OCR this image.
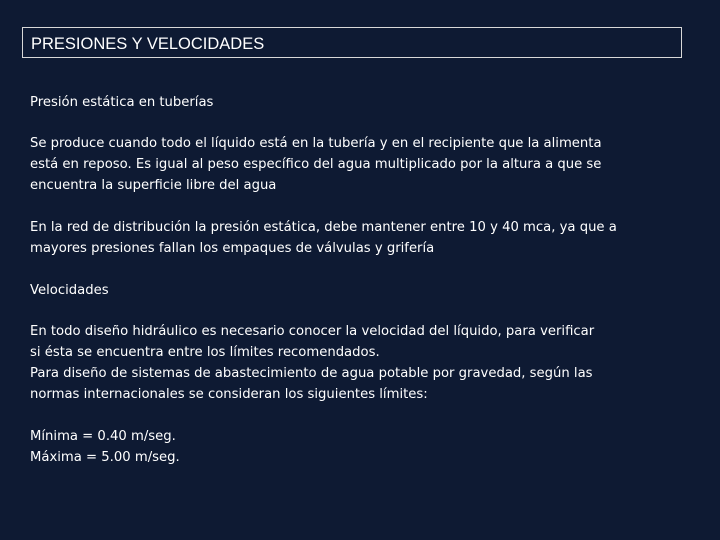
PRESIONES Y VELOCIDADES

Presión estática en tuberías

Se produce cuando todo el líquido está en la tubería y en el recipiente que la alimenta
está en reposo. Es igual al peso específico del agua multiplicado por la altura a que se
encuentra la superficie libre del agua

En la red de distribución la presión estática, debe mantener entre 10 y 40 mca, ya que a
mayores presiones fallan los empaques de válvulas y grifería

Velocidades

En todo diseño hidráulico es necesario conocer la velocidad del líquido, para verificar
si ésta se encuentra entre los límites recomendados.
Para diseño de sistemas de abastecimiento de agua potable por gravedad, según las
normas internacionales se consideran los siguientes límites:

Mínima = 0.40 m/seg.
Máxima = 5.00 m/seg.
